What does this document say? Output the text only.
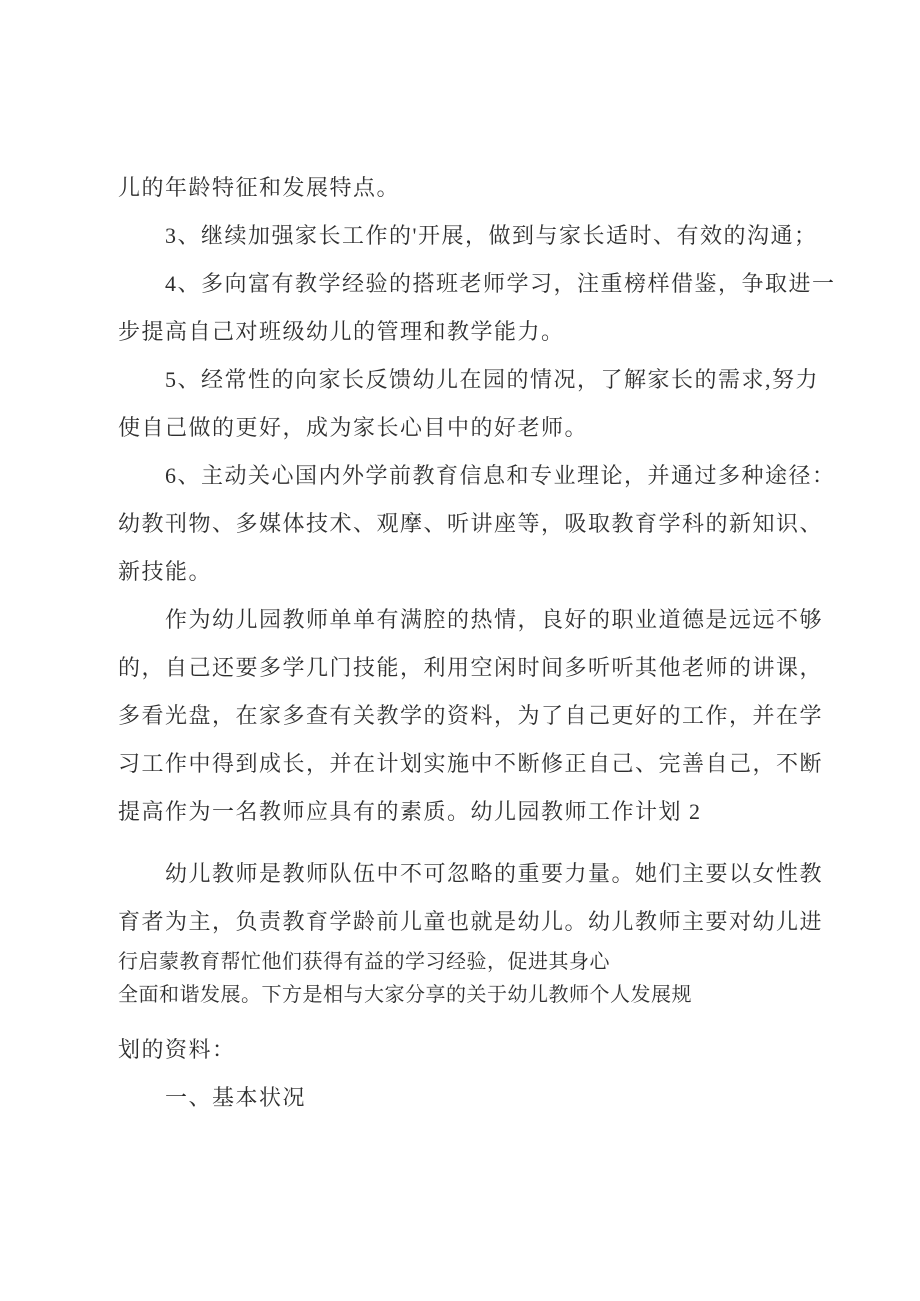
儿的年龄特征和发展特点。
3、继续加强家长工作的'开展，做到与家长适时、有效的沟通；
4、多向富有教学经验的搭班老师学习，注重榜样借鉴，争取进一
步提高自己对班级幼儿的管理和教学能力。
5、经常性的向家长反馈幼儿在园的情况，了解家长的需求,努力
使自己做的更好，成为家长心目中的好老师。
6、主动关心国内外学前教育信息和专业理论，并通过多种途径：
幼教刊物、多媒体技术、观摩、听讲座等，吸取教育学科的新知识、
新技能。
作为幼儿园教师单单有满腔的热情，良好的职业道德是远远不够
的，自己还要多学几门技能，利用空闲时间多听听其他老师的讲课，
多看光盘，在家多查有关教学的资料，为了自己更好的工作，并在学
习工作中得到成长，并在计划实施中不断修正自己、完善自己，不断
提高作为一名教师应具有的素质。幼儿园教师工作计划 2
幼儿教师是教师队伍中不可忽略的重要力量。她们主要以女性教
育者为主，负责教育学龄前儿童也就是幼儿。幼儿教师主要对幼儿进
行启蒙教育帮忙他们获得有益的学习经验，促进其身心
全面和谐发展。下方是相与大家分享的关于幼儿教师个人发展规
划的资料：
一、基本状况
